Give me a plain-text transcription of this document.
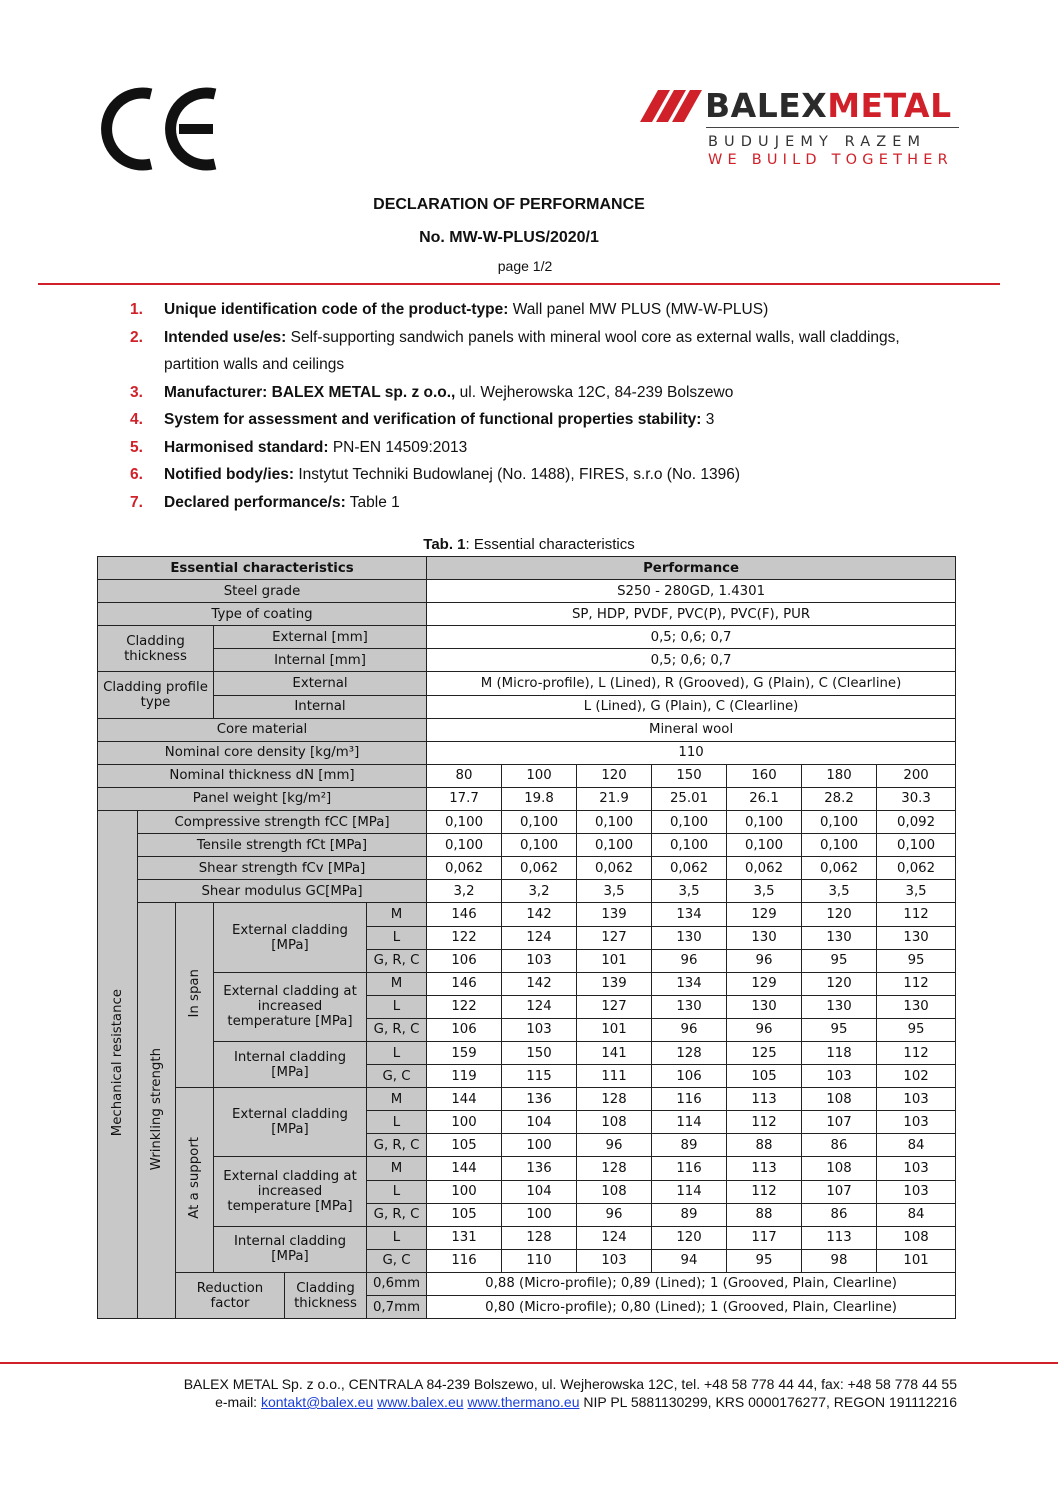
BALEXMETAL
BUDUJEMY RAZEM
WE BUILD TOGETHER
DECLARATION OF PERFORMANCE
No. MW-W-PLUS/2020/1
page 1/2
1.	Unique identification code of the product-type: Wall panel MW PLUS (MW-W-PLUS)
2.	Intended use/es: Self-supporting sandwich panels with mineral wool core as external walls, wall claddings,
partition walls and ceilings
3.	Manufacturer: BALEX METAL sp. z o.o., ul. Wejherowska 12C, 84-239 Bolszewo
4.	System for assessment and verification of functional properties stability: 3
5.	Harmonised standard: PN-EN 14509:2013
6.	Notified body/ies: Instytut Techniki Budowlanej (No. 1488), FIRES, s.r.o (No. 1396)
7.	Declared performance/s: Table 1
Tab. 1: Essential characteristics
Essential characteristics						Performance						
Steel grade						S250 - 280GD, 1.4301						
Type of coating						SP, HDP, PVDF, PVC(P), PVC(F), PUR						
Cladding thickness			External [mm]			0,5; 0,6; 0,7						
			Internal [mm]			0,5; 0,6; 0,7						
Cladding profile type			External			M (Micro-profile), L (Lined), R (Grooved), G (Plain), C (Clearline)						
			Internal			L (Lined), G (Plain), C (Clearline)						
Core material						Mineral wool						
Nominal core density [kg/m³]						110						
Nominal thickness dN [mm]						80	100	120	150	160	180	200
Panel weight [kg/m²]						17.7	19.8	21.9	25.01	26.1	28.2	30.3
Mechanical resistance	Compressive strength fCC [MPa]					0,100	0,100	0,100	0,100	0,100	0,100	0,092
	Tensile strength fCt [MPa]					0,100	0,100	0,100	0,100	0,100	0,100	0,100
	Shear strength fCv [MPa]					0,062	0,062	0,062	0,062	0,062	0,062	0,062
	Shear modulus GC[MPa]					3,2	3,2	3,5	3,5	3,5	3,5	3,5
	Wrinkling strength	In span	External cladding [MPa]		M	146	142	139	134	129	120	112
					L	122	124	127	130	130	130	130
					G, R, C	106	103	101	96	96	95	95
			External cladding at increased temperature [MPa]		M	146	142	139	134	129	120	112
					L	122	124	127	130	130	130	130
					G, R, C	106	103	101	96	96	95	95
			Internal cladding [MPa]		L	159	150	141	128	125	118	112
					G, C	119	115	111	106	105	103	102
		At a support	External cladding [MPa]		M	144	136	128	116	113	108	103
					L	100	104	108	114	112	107	103
					G, R, C	105	100	96	89	88	86	84
			External cladding at increased temperature [MPa]		M	144	136	128	116	113	108	103
					L	100	104	108	114	112	107	103
					G, R, C	105	100	96	89	88	86	84
			Internal cladding [MPa]		L	131	128	124	120	117	113	108
					G, C	116	110	103	94	95	98	101
		Reduction factor		Cladding thickness	0,6mm	0,88 (Micro-profile); 0,89 (Lined); 1 (Grooved, Plain, Clearline)						
					0,7mm	0,80 (Micro-profile); 0,80 (Lined); 1 (Grooved, Plain, Clearline)						
BALEX METAL Sp. z o.o., CENTRALA 84-239 Bolszewo, ul. Wejherowska 12C, tel. +48 58 778 44 44, fax: +48 58 778 44 55
e-mail: kontakt@balex.eu www.balex.eu www.thermano.eu NIP PL 5881130299, KRS 0000176277, REGON 191112216
